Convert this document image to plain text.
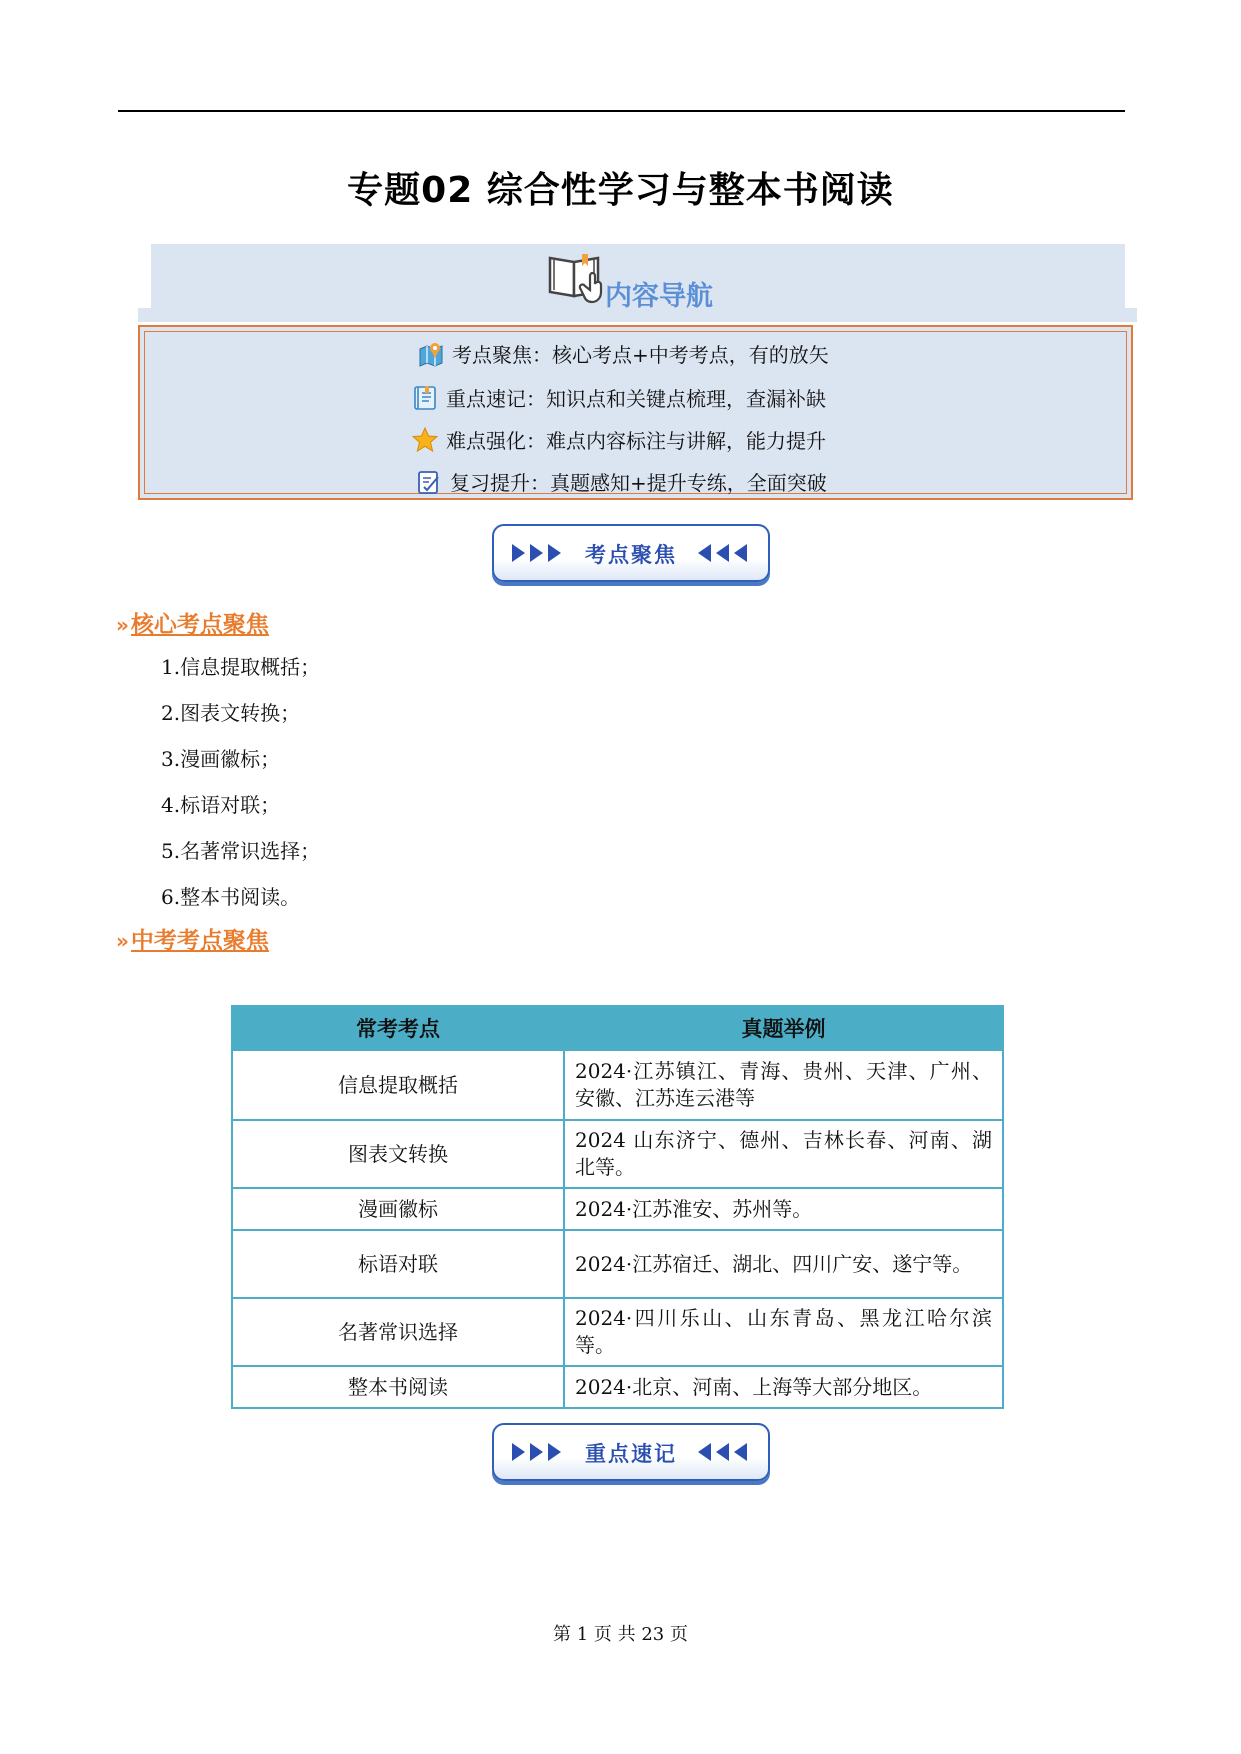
专题02 综合性学习与整本书阅读
内容导航
考点聚焦：核心考点+中考考点，有的放矢
重点速记：知识点和关键点梳理，查漏补缺
难点强化：难点内容标注与讲解，能力提升
复习提升：真题感知+提升专练，全面突破
考点聚焦
»核心考点聚焦
1.信息提取概括；
2.图表文转换；
3.漫画徽标；
4.标语对联；
5.名著常识选择；
6.整本书阅读。
»中考考点聚焦
常考考点	真题举例
信息提取概括	2024·江苏镇江、青海、贵州、天津、广州、安徽、江苏连云港等
图表文转换	2024 山东济宁、德州、吉林长春、河南、湖北等。
漫画徽标	2024·江苏淮安、苏州等。
标语对联	2024·江苏宿迁、湖北、四川广安、遂宁等。
名著常识选择	2024·四川乐山、山东青岛、黑龙江哈尔滨等。
整本书阅读	2024·北京、河南、上海等大部分地区。
重点速记
第 1 页 共 23 页
